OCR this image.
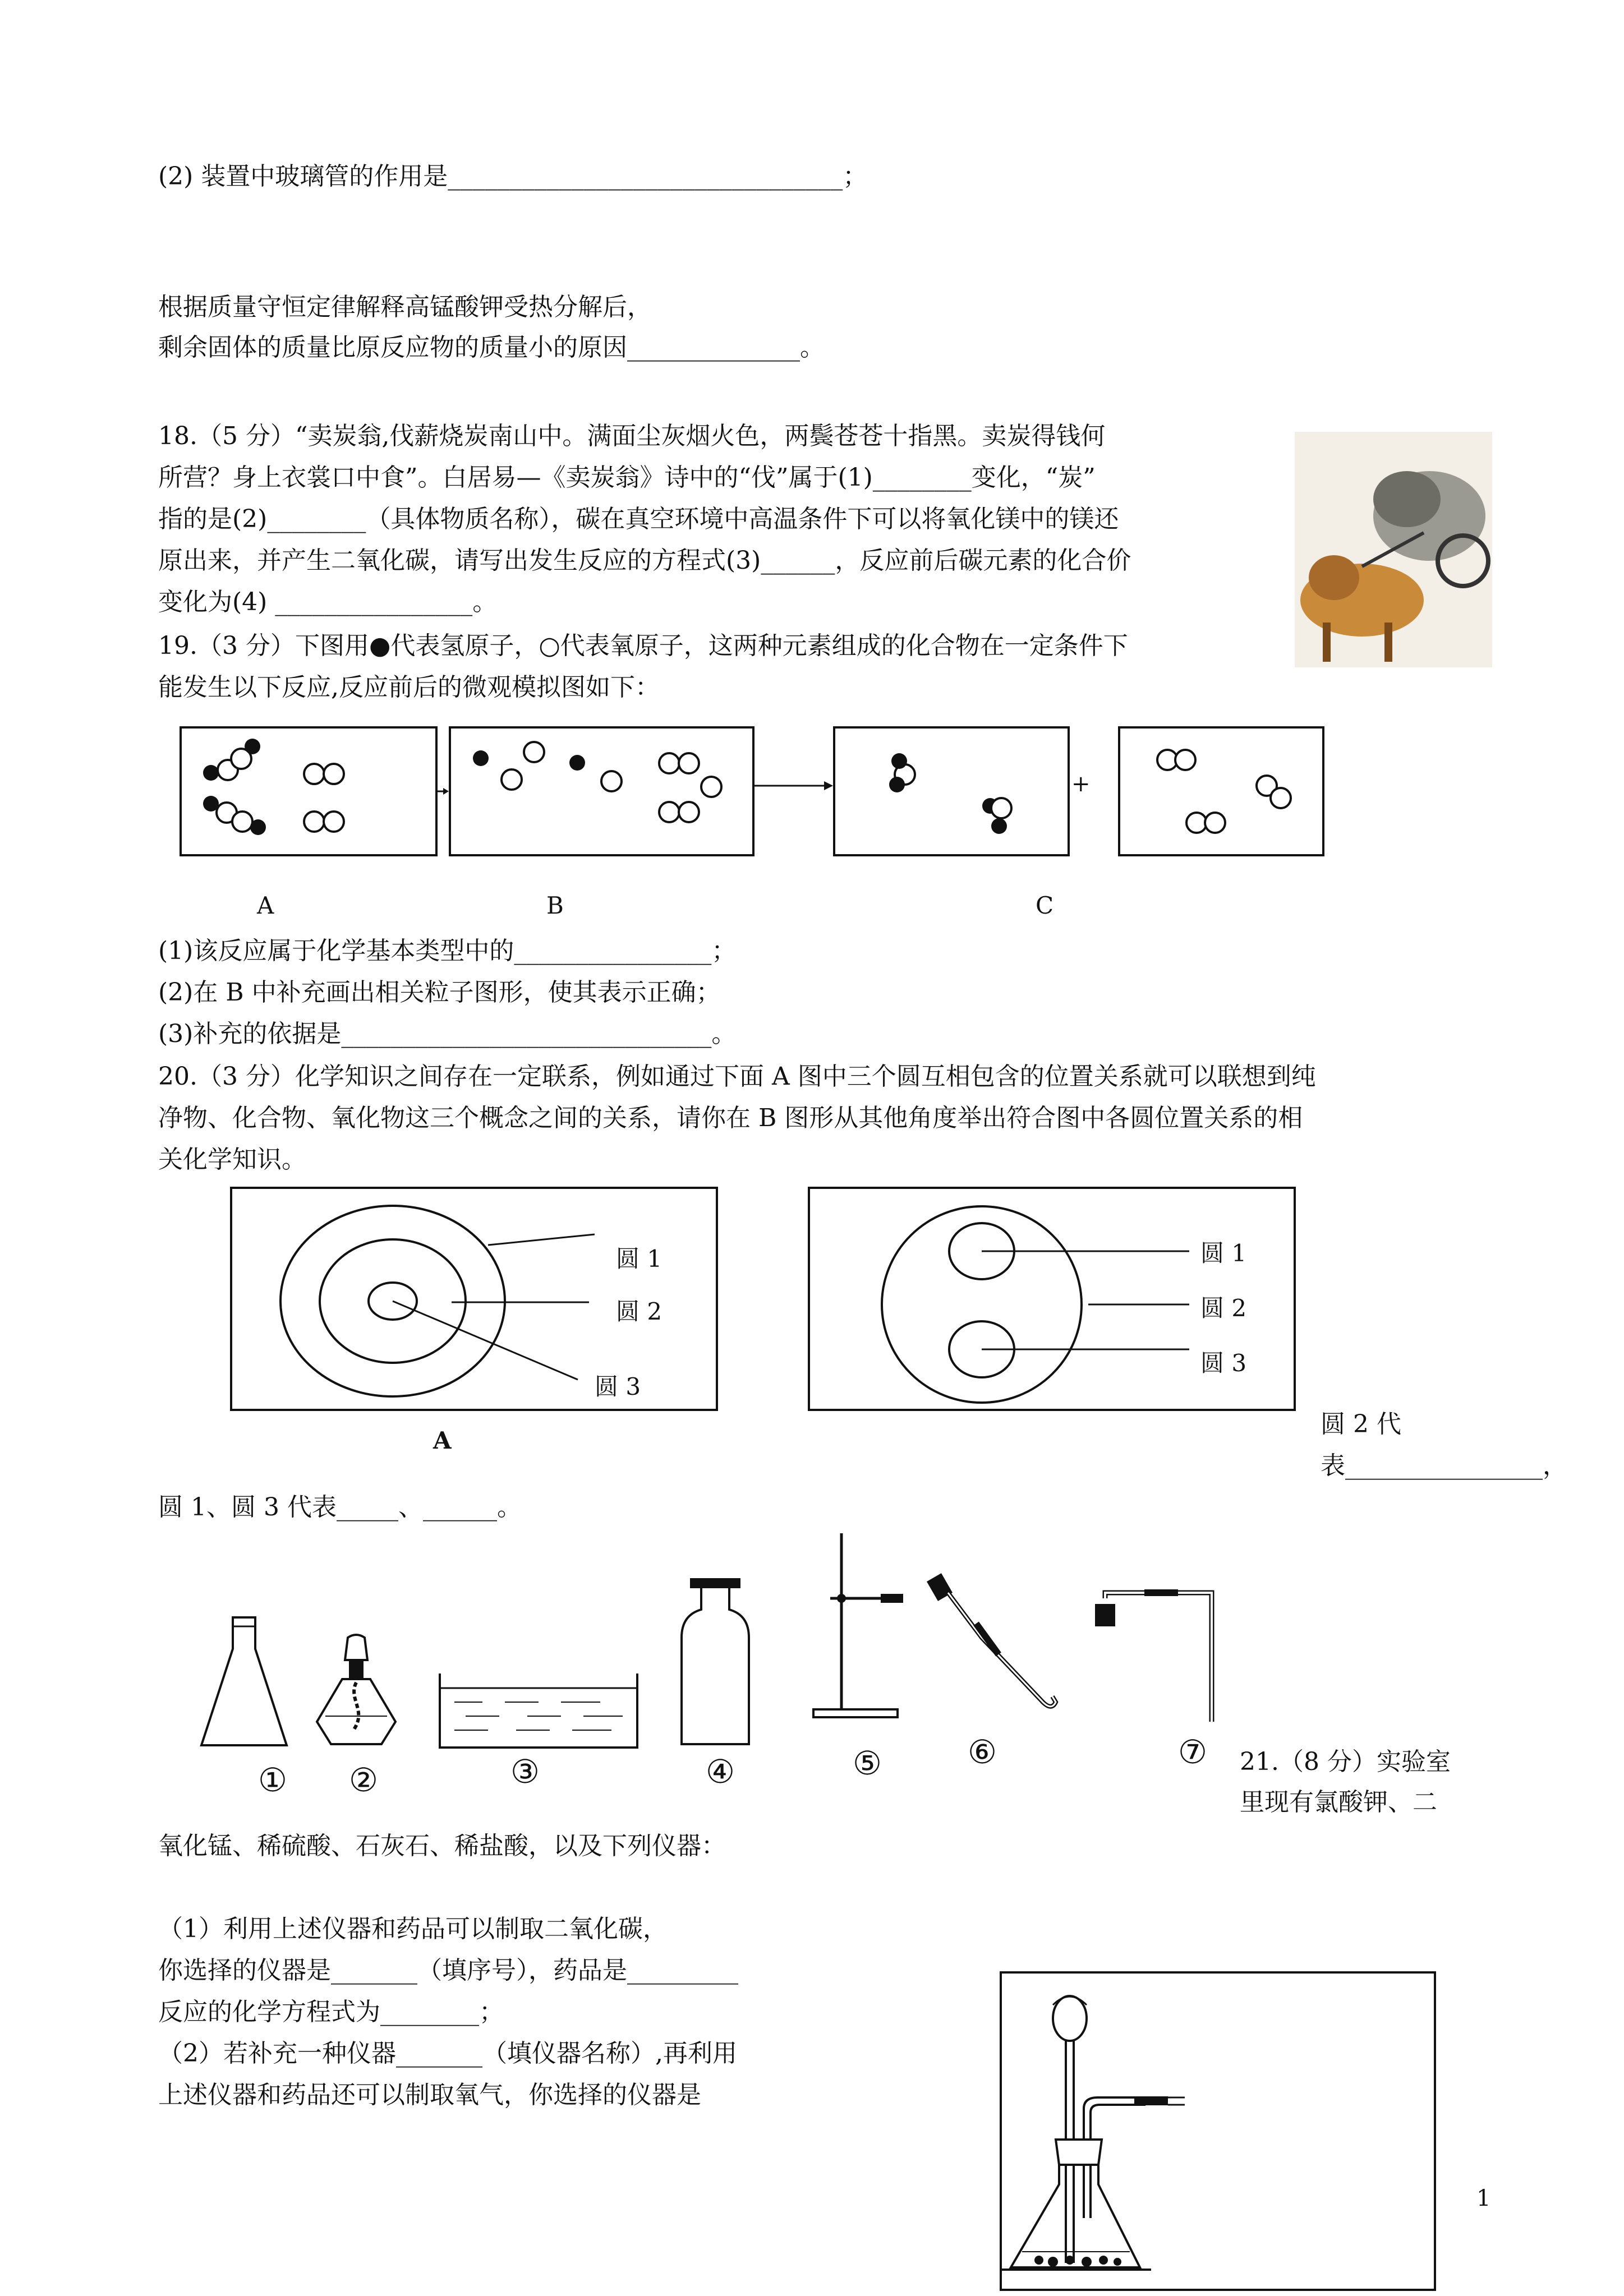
(2) 装置中玻璃管的作用是________________________________；
根据质量守恒定律解释高锰酸钾受热分解后，
剩余固体的质量比原反应物的质量小的原因______________。
18.（5 分）“卖炭翁,伐薪烧炭南山中。满面尘灰烟火色，两鬓苍苍十指黑。卖炭得钱何
所营？身上衣裳口中食”。白居易—《卖炭翁》诗中的“伐”属于(1)________变化，“炭”
指的是(2)________（具体物质名称），碳在真空环境中高温条件下可以将氧化镁中的镁还
原出来，并产生二氧化碳，请写出发生反应的方程式(3)______，反应前后碳元素的化合价
变化为(4) ________________。
19.（3 分）下图用●代表氢原子，○代表氧原子，这两种元素组成的化合物在一定条件下
能发生以下反应,反应前后的微观模拟图如下：
+
A	B	C
(1)该反应属于化学基本类型中的________________；
(2)在 B 中补充画出相关粒子图形，使其表示正确；
(3)补充的依据是______________________________。
20.（3 分）化学知识之间存在一定联系，例如通过下面 A 图中三个圆互相包含的位置关系就可以联想到纯
净物、化合物、氧化物这三个概念之间的关系，请你在 B 图形从其他角度举出符合图中各圆位置关系的相
关化学知识。
圆 1
圆 2
圆 3
A
圆 1
圆 2
圆 3
圆 2 代
表________________，
圆 1、圆 3 代表_____、______。
① ②	③	④	⑤	⑥	⑦ 21.（8 分）实验室
里现有氯酸钾、二
氧化锰、稀硫酸、石灰石、稀盐酸，以及下列仪器：
（1）利用上述仪器和药品可以制取二氧化碳，
你选择的仪器是_______（填序号），药品是_________
反应的化学方程式为________；
（2）若补充一种仪器_______（填仪器名称）,再利用
上述仪器和药品还可以制取氧气，你选择的仪器是
1
